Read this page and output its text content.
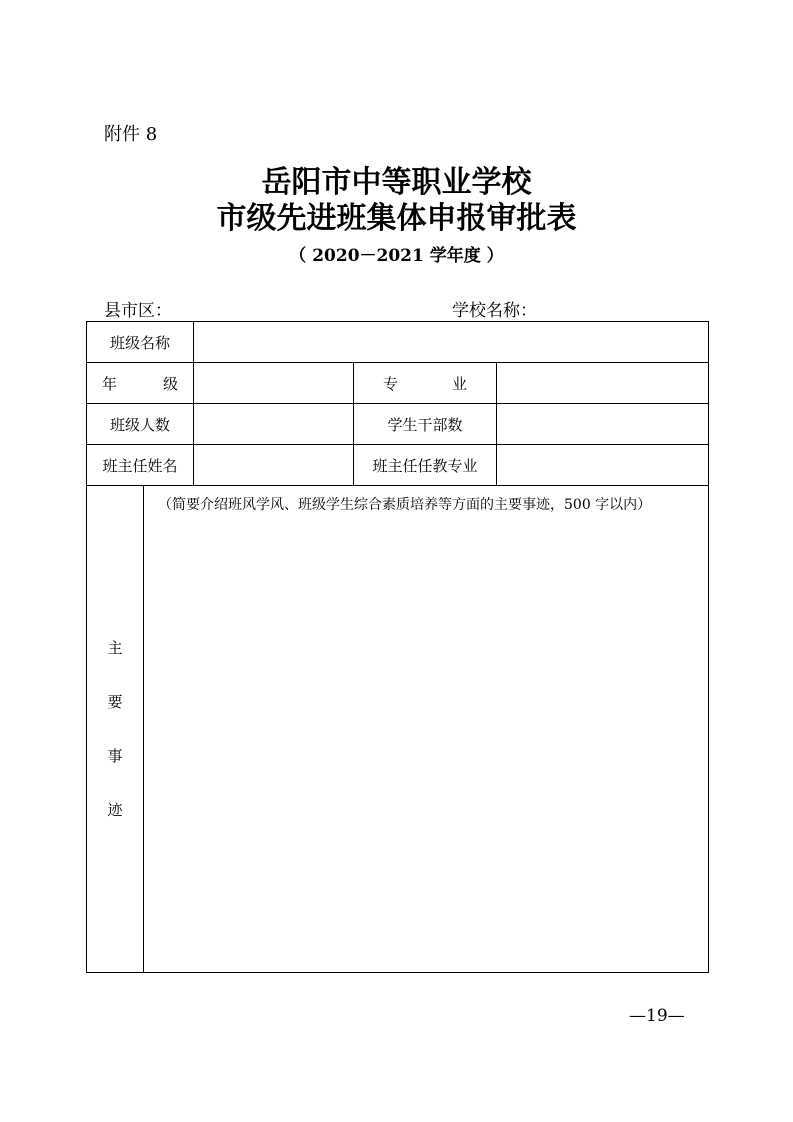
附件 8
岳阳市中等职业学校
市级先进班集体申报审批表
（ 2020－2021 学年度 ）
县市区：	学校名称：
班级名称				
年 级			专 业	
班级人数			学生干部数	
班主任姓名			班主任任教专业	

主
要
事
迹	（简要介绍班风学风、班级学生综合素质培养等方面的主要事迹，500 字以内）			
—19—
